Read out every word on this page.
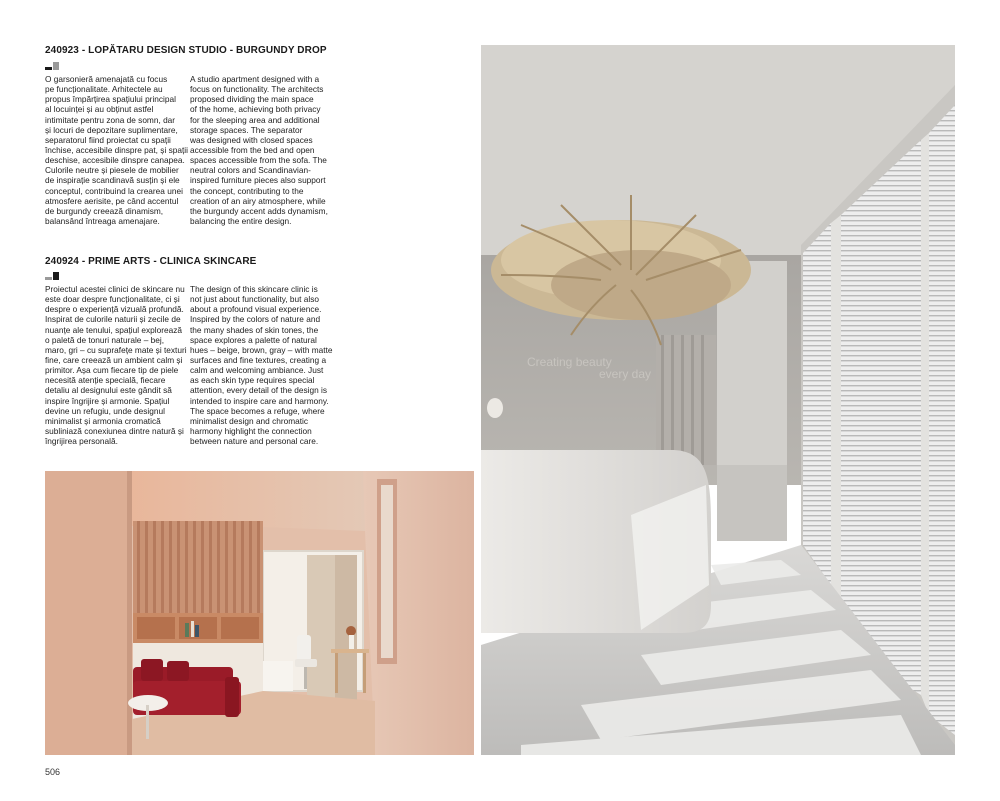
240923 - LOPĂTARU DESIGN STUDIO - BURGUNDY DROP
O garsonieră amenajată cu focus
pe funcționalitate. Arhitectele au
propus împărțirea spațiului principal
al locuinței și au obținut astfel
intimitate pentru zona de somn, dar
și locuri de depozitare suplimentare,
separatorul fiind proiectat cu spații
închise, accesibile dinspre pat, și spații
deschise, accesibile dinspre canapea.
Culorile neutre și piesele de mobilier
de inspirație scandinavă susțin și ele
conceptul, contribuind la crearea unei
atmosfere aerisite, pe când accentul
de burgundy creează dinamism,
balansând întreaga amenajare.
A studio apartment designed with a
focus on functionality. The architects
proposed dividing the main space
of the home, achieving both privacy
for the sleeping area and additional
storage spaces. The separator
was designed with closed spaces
accessible from the bed and open
spaces accessible from the sofa. The
neutral colors and Scandinavian-
inspired furniture pieces also support
the concept, contributing to the
creation of an airy atmosphere, while
the burgundy accent adds dynamism,
balancing the entire design.
240924 - PRIME ARTS - CLINICA SKINCARE
Proiectul acestei clinici de skincare nu
este doar despre funcționalitate, ci și
despre o experiență vizuală profundă.
Inspirat de culorile naturii și zecile de
nuanțe ale tenului, spațiul explorează
o paletă de tonuri naturale – bej,
maro, gri – cu suprafețe mate și texturi
fine, care creează un ambient calm și
primitor. Așa cum fiecare tip de piele
necesită atenție specială, fiecare
detaliu al designului este gândit să
inspire îngrijire și armonie. Spațiul
devine un refugiu, unde designul
minimalist și armonia cromatică
subliniază conexiunea dintre natură și
îngrijirea personală.
The design of this skincare clinic is
not just about functionality, but also
about a profound visual experience.
Inspired by the colors of nature and
the many shades of skin tones, the
space explores a palette of natural
hues – beige, brown, gray – with matte
surfaces and fine textures, creating a
calm and welcoming ambiance. Just
as each skin type requires special
attention, every detail of the design is
intended to inspire care and harmony.
The space becomes a refuge, where
minimalist design and chromatic
harmony highlight the connection
between nature and personal care.
Creating beauty
every day
506
